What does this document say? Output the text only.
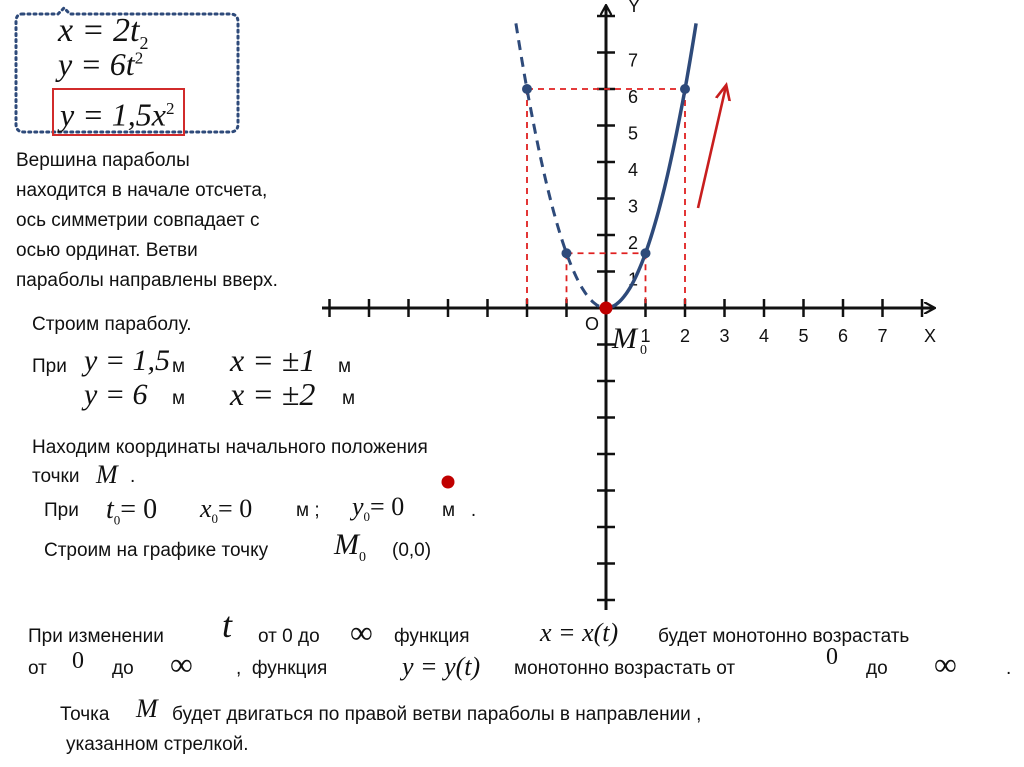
$x = 2t_2$
$y = 6t^2$
$y = 1,5x^2$
Вершина параболы
находится в начале отсчета,
ось симметрии совпадает с
осью ординат. Ветви
параболы направлены вверх.
1 2 3 4 5 6 7
1
2
3
4
5
6
7
Y
X
O M 0
Строим параболу.
При y = 1,5 м x = ±1 м
y = 6 м x = ±2 м
Находим координаты начального положения
точки M .
При $t_0= 0$ $x_0= 0$ м ; $y_0= 0$ м   .
Строим на графике точку $M_0$ (0,0)
При изменении t от 0 до ∞ функция	x = x(t) будет монотонно возрастать
от 0 до ∞ ,  функция	y = y(t) монотонно возрастать от	0 до ∞	.
Точка M будет двигаться по правой ветви параболы в направлении ,
указанном стрелкой.
